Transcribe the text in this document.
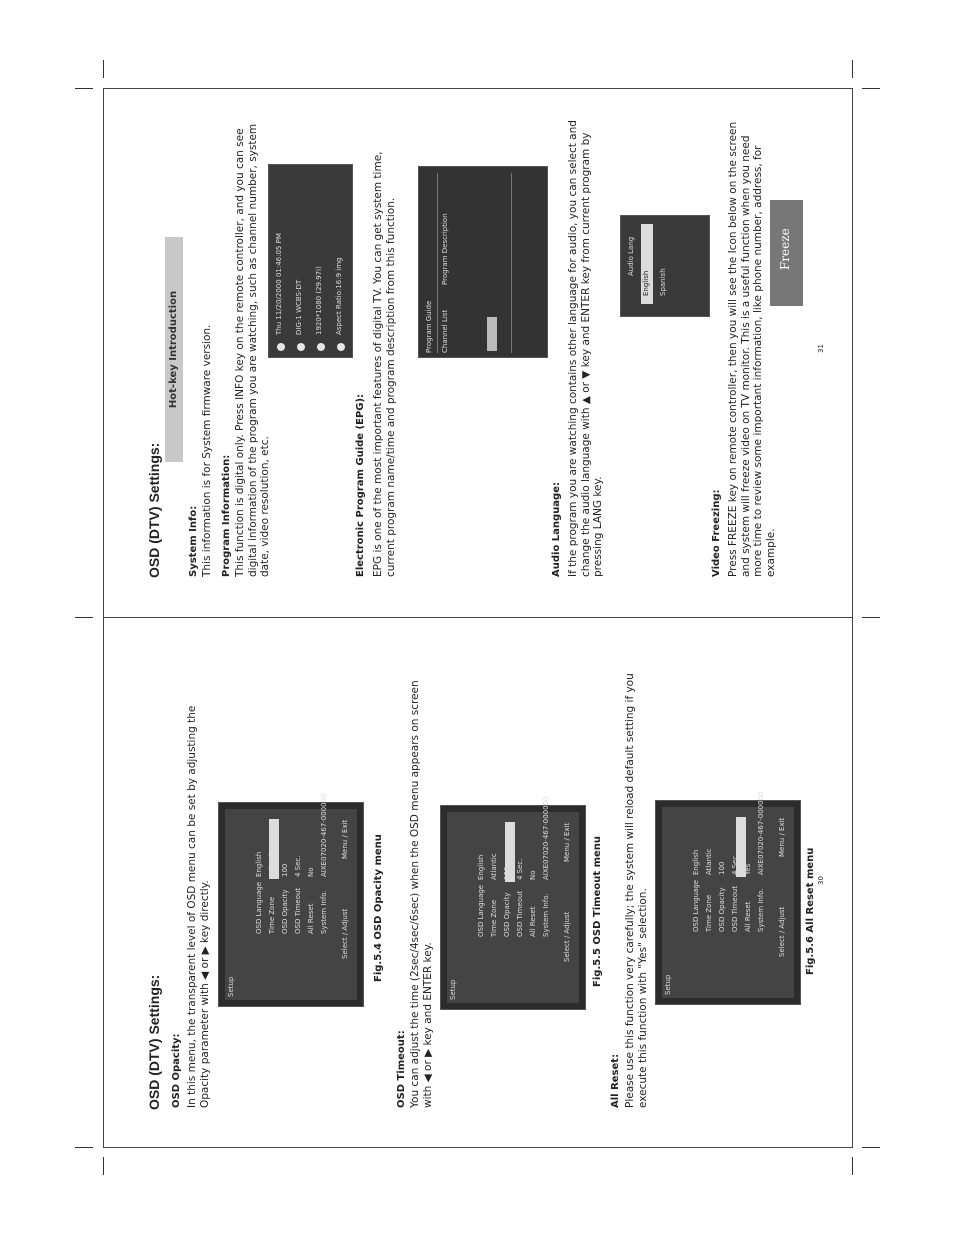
OSD (DTV) Settings: OSD Opacity: In this menu, the transparent level of OSD menu can be set by adjusting the Opacity parameter with ◀ or ▶ key directly. Setup
OSD Language
English
Time Zone
Atlantic
OSD Opacity
100
OSD Timeout
4 Sec.
All Reset
No
System Info.
AIXE07020-467-000000
Select / Adjust
Menu / Exit Fig.5.4 OSD Opacity menu
OSD Timeout: You can adjust the time (2sec/4sec/6sec) when the OSD menu appears on screen with ◀ or ▶ key and ENTER key. Setup
OSD Language
English
Time Zone
Atlantic
OSD Opacity
100
OSD Timeout
4 Sec.
All Reset
No
System Info.
AIXE07020-467-000000
Select / Adjust
Menu / Exit Fig.5.5 OSD Timeout menu
All Reset: Please use this function very carefully; the system will reload default setting if you execute this function with "Yes" selection. Setup
OSD Language
English
Time Zone
Atlantic
OSD Opacity
100
OSD Timeout
4 Sec.
All Reset
Yes
System Info.
AIXE07020-467-000000
Select / Adjust
Menu / Exit
Fig.5.6 All Reset menu 30
OSD (DTV) Settings:
Hot-key Introduction
System Info: This information is for System firmware version. Program Information: This function is digital only. Press INFO key on the remote controller, and you can see digital information of the program you are watching, such as channel number, system date, video resolution, etc.
Thu 11/20/2000 01:46:05 PM DIG-1 WCBS-DT 1920*1080 (29.97i) Aspect Ratio:16:9 img
Electronic Program Guide (EPG): EPG is one of the most important features of digital TV. You can get system time, current program name/time and program description from this function.	Program Guide Channel List
Program Description
Audio Language: If the program you are watching contains other language for audio, you can select and change the audio language with ▲ or ▼ key and ENTER key from current program by pressing LANG key.
Audio Lang
English Spanish
Video Freezing: Press FREEZE key on remote controller, then you will see the Icon below on the screen and system will freeze video on TV monitor. This is a useful function when you need more time to review some important information, like phone number, address, for example.
Freeze
31
